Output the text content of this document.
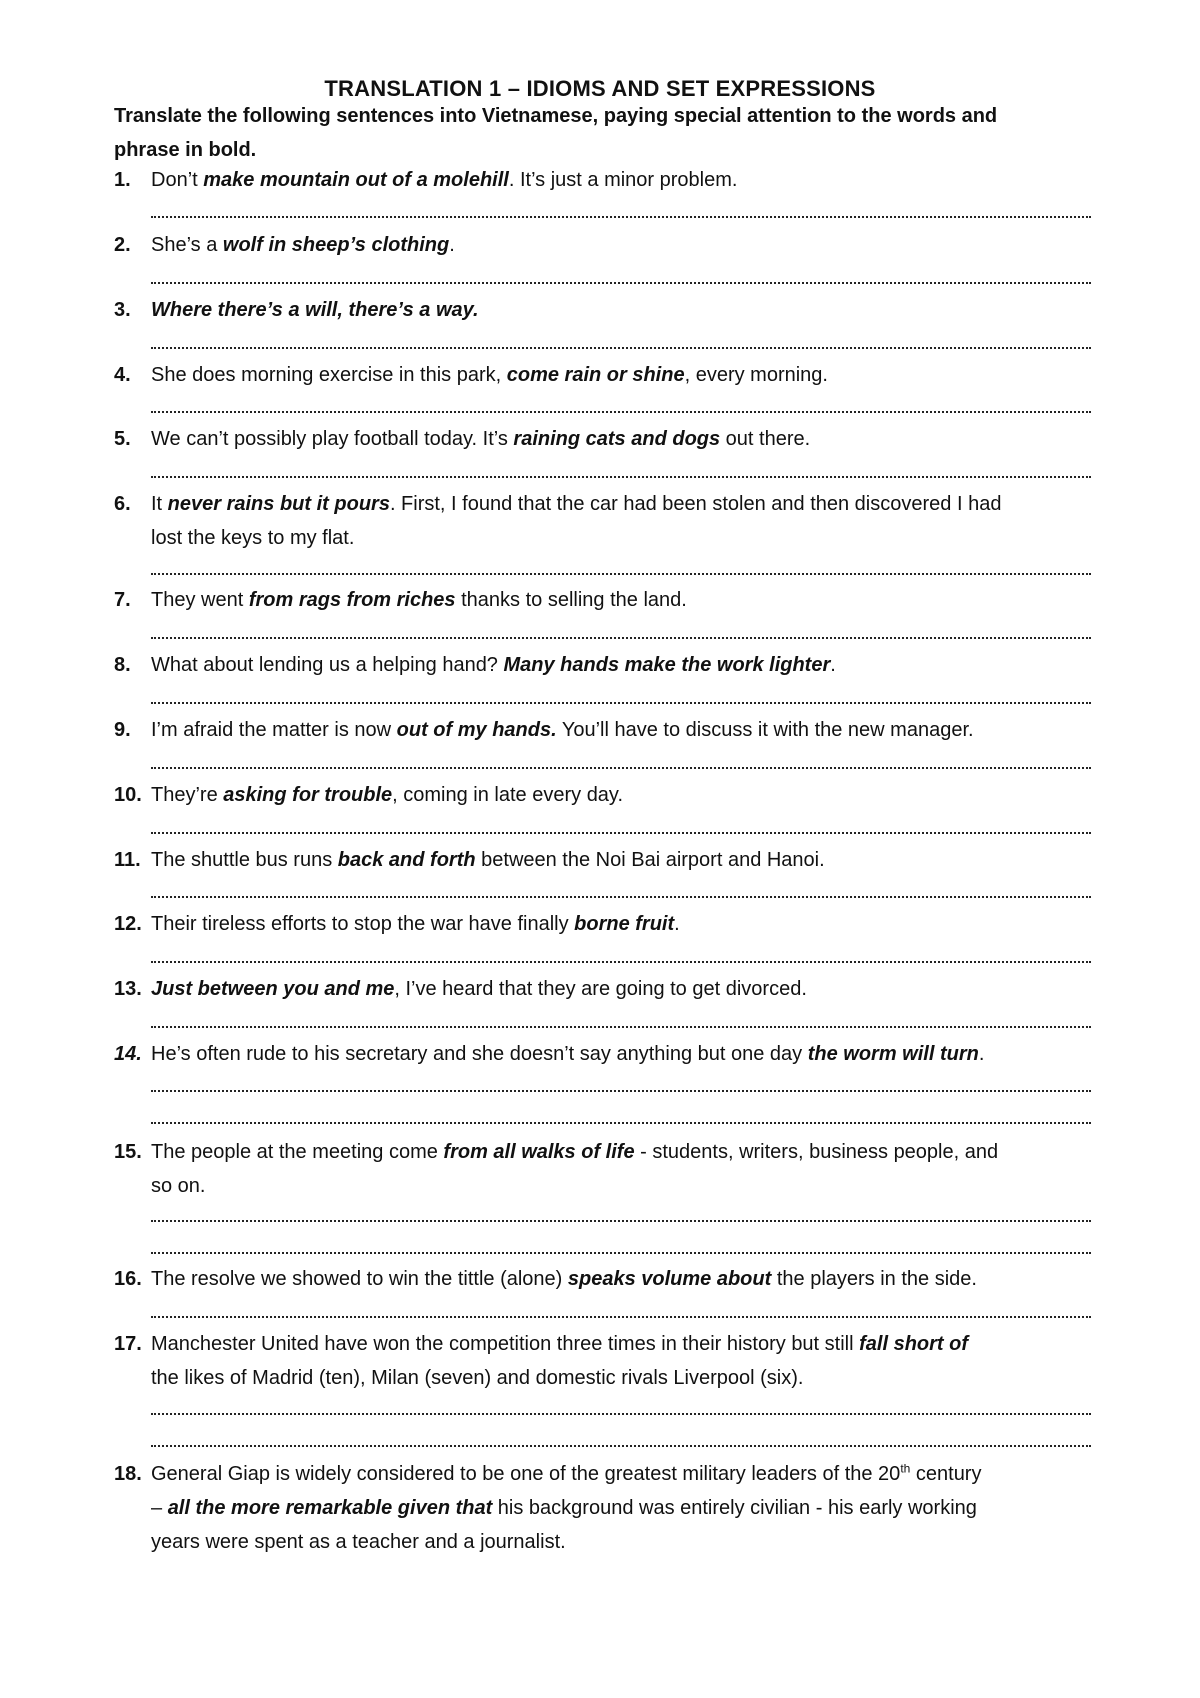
TRANSLATION 1 – IDIOMS AND SET EXPRESSIONS
Translate the following sentences into Vietnamese, paying special attention to the words and
phrase in bold.
1. Don’t make mountain out of a molehill. It’s just a minor problem.
2. She’s a wolf in sheep’s clothing.
3. Where there’s a will, there’s a way.
4. She does morning exercise in this park, come rain or shine, every morning.
5. We can’t possibly play football today. It’s raining cats and dogs out there.
6. It never rains but it pours. First, I found that the car had been stolen and then discovered I had
lost the keys to my flat.
7. They went from rags from riches thanks to selling the land.
8. What about lending us a helping hand? Many hands make the work lighter.
9. I’m afraid the matter is now out of my hands. You’ll have to discuss it with the new manager.
10. They’re asking for trouble, coming in late every day.
11. The shuttle bus runs back and forth between the Noi Bai airport and Hanoi.
12. Their tireless efforts to stop the war have finally borne fruit.
13. Just between you and me, I’ve heard that they are going to get divorced.
14. He’s often rude to his secretary and she doesn’t say anything but one day the worm will turn.
15. The people at the meeting come from all walks of life - students, writers, business people, and
so on.
16. The resolve we showed to win the tittle (alone) speaks volume about the players in the side.
17. Manchester United have won the competition three times in their history but still fall short of
the likes of Madrid (ten), Milan (seven) and domestic rivals Liverpool (six).
18. General Giap is widely considered to be one of the greatest military leaders of the 20th century
– all the more remarkable given that his background was entirely civilian - his early working
years were spent as a teacher and a journalist.
